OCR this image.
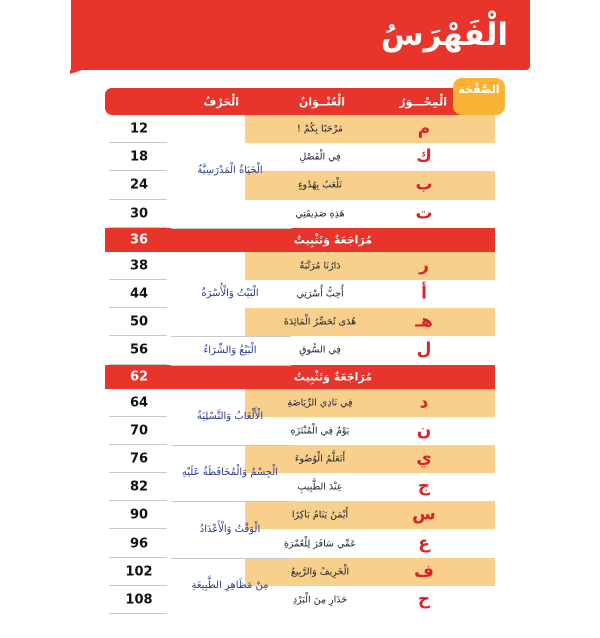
الْفَهْرَسُ
الْمِحْـــوَرُ
الْعُنْــوَانُ
الْحَرْفُ
الصَّفْحَة
م
مَرْحَبًا بِكُمْ !
12
ك
فِي الْفَصْلِ
18
ب
نَلْعَبُ بِهُدُوءٍ
24
ت
هَذِهِ صَدِيقَتِي
30
مُرَاجَعَةٌ وَتَثْبِيتٌ
36
ر
دَارُنَا مُرَتَّبَةٌ
38
أ
أُحِبُّ أُسْرَتِي
44
هـ
هُدَى تُحَضِّرُ الْمَائِدَةَ
50
ل
فِي السُّوقِ
56
مُرَاجَعَةٌ وَتَثْبِيتٌ
62
د
فِي نَادِي الرِّيَاضَةِ
64
ن
يَوْمٌ فِي الْمُنْتَزَهِ
70
ي
أَتَعَلَّمُ الْوُضُوءَ
76
ج
عِنْدَ الطَّبِيبِ
82
س
أَيْمَنُ يَنَامُ بَاكِرًا
90
ع
عَمِّي سَافَرَ لِلْعُمْرَةِ
96
ف
الْخَرِيفُ وَالرَّبِيعُ
102
ح
حَذَارِ مِنَ الْبَرْدِ
108
الْحَيَاةُ الْمَدْرَسِيَّةُ
الْبَيْتُ وَالْأُسْرَةُ
الْبَيْعُ وَالشِّرَاءُ
الْأَلْعَابُ وَالتَّسْلِيَةُ
الْجِسْمُ وَالْمُحَافَظَةُ عَلَيْهِ
الْوَقْتُ وَالْأَعْدَادُ
مِنْ مَظَاهِرِ الطَّبِيعَةِ
